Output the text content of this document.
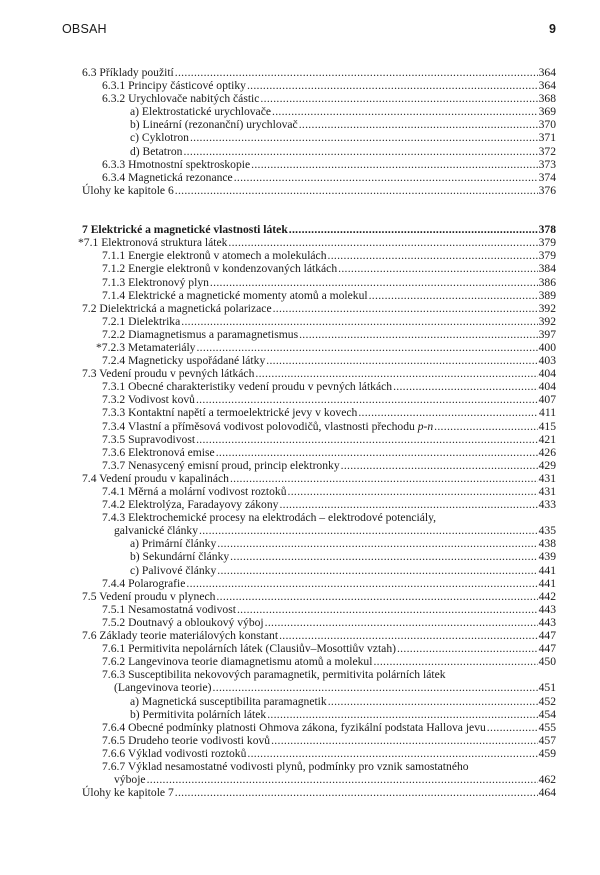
OBSAH	9
6.3 Příklady použití .....	364
6.3.1 Principy částicové optiky .....	364
6.3.2 Urychlovače nabitých částic .....	368
a) Elektrostatické urychlovače .....	369
b) Lineární (rezonanční) urychlovač .....	370
c) Cyklotron .....	371
d) Betatron .....	372
6.3.3 Hmotnostní spektroskopie .....	373
6.3.4 Magnetická rezonance .....	374
Úlohy ke kapitole 6 .....	376
7 Elektrické a magnetické vlastnosti látek .....	378
*7.1 Elektronová struktura látek .....	379
7.1.1 Energie elektronů v atomech a molekulách .....	379
7.1.2 Energie elektronů v kondenzovaných látkách .....	384
7.1.3 Elektronový plyn .....	386
7.1.4 Elektrické a magnetické momenty atomů a molekul .....	389
7.2 Dielektrická a magnetická polarizace .....	392
7.2.1 Dielektrika .....	392
7.2.2 Diamagnetismus a paramagnetismus .....	397
*7.2.3 Metamateriály .....	400
7.2.4 Magneticky uspořádané látky .....	403
7.3 Vedení proudu v pevných látkách .....	404
7.3.1 Obecné charakteristiky vedení proudu v pevných látkách .....	404
7.3.2 Vodivost kovů .....	407
7.3.3 Kontaktní napětí a termoelektrické jevy v kovech .....	411
7.3.4 Vlastní a příměsová vodivost polovodičů, vlastnosti přechodu p-n .....	415
7.3.5 Supravodivost .....	421
7.3.6 Elektronová emise .....	426
7.3.7 Nenasycený emisní proud, princip elektronky .....	429
7.4 Vedení proudu v kapalinách .....	431
7.4.1 Měrná a molární vodivost roztoků .....	431
7.4.2 Elektrolýza, Faradayovy zákony .....	433
7.4.3 Elektrochemické procesy na elektrodách – elektrodové potenciály,
galvanické články .....	435
a) Primární články .....	438
b) Sekundární články .....	439
c) Palivové články .....	441
7.4.4 Polarografie .....	441
7.5 Vedení proudu v plynech .....	442
7.5.1 Nesamostatná vodivost .....	443
7.5.2 Doutnavý a obloukový výboj .....	443
7.6 Základy teorie materiálových konstant .....	447
7.6.1 Permitivita nepolárních látek (Clausiův–Mosottiův vztah) .....	447
7.6.2 Langevinova teorie diamagnetismu atomů a molekul .....	450
7.6.3 Susceptibilita nekovových paramagnetik, permitivita polárních látek
(Langevinova teorie) .....	451
a) Magnetická susceptibilita paramagnetik .....	452
b) Permitivita polárních látek .....	454
7.6.4 Obecné podmínky platnosti Ohmova zákona, fyzikální podstata Hallova jevu .....	455
7.6.5 Drudeho teorie vodivosti kovů .....	457
7.6.6 Výklad vodivosti roztoků .....	459
7.6.7 Výklad nesamostatné vodivosti plynů, podmínky pro vznik samostatného
výboje .....	462
Úlohy ke kapitole 7 .....	464
